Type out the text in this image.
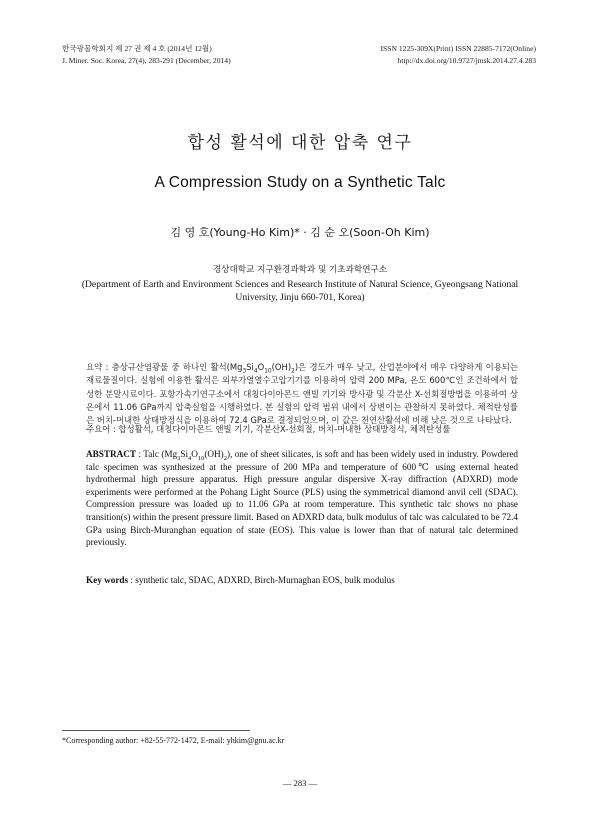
한국광물학회지 제 27 권 제 4 호 (2014년 12월)
J. Miner. Soc. Korea, 27(4), 283-291 (December, 2014)
ISSN 1225-309X(Print) ISSN 22885-7172(Online)
http://dx.doi.org/10.9727/jmsk.2014.27.4.283
합성 활석에 대한 압축 연구
A Compression Study on a Synthetic Talc
김 영 호(Young-Ho Kim)* · 김 순 오(Soon-Oh Kim)
경상대학교 지구환경과학과 및 기초과학연구소
(Department of Earth and Environment Sciences and Research Institute of Natural Science, Gyeongsang National University, Jinju 660-701, Korea)
요약 : 층상규산염광물 중 하나인 활석$(Mg_3Si_4O_{10}(OH)_2)$은 경도가 매우 낮고, 산업분야에서 매우 다양하게 이용되는 재료물질이다. 실험에 이용한 활석은 외부가열열수고압기기를 이용하여 압력 200 MPa, 온도 600℃인 조건하에서 합성한 분말시료이다. 포항가속기연구소에서 대칭다이아몬드 앤빌 기기와 방사광 및 각분산 X-선회절방법을 이용하여 상온에서 11.06 GPa까지 압축실험을 시행하였다. 본 실험의 압력 범위 내에서 상변이는 관찰하지 못하였다. 체적탄성률은 버치-머내한 상태방정식을 이용하여 72.4 GPa로 결정되었으며, 이 값은 천연산활석에 비해 낮은 것으로 나타났다.
주요어 : 합성활석, 대칭다이아몬드 앤빌 기기, 각분산X-선회절, 버치-머내한 상태방정식, 체적탄성률
ABSTRACT : Talc $(Mg_3Si_4O_{10}(OH)_2)$, one of sheet silicates, is soft and has been widely used in industry. Powdered talc specimen was synthesized at the pressure of 200 MPa and temperature of 600℃ using external heated hydrothermal high pressure apparatus. High pressure angular dispersive X-ray diffraction (ADXRD) mode experiments were performed at the Pohang Light Source (PLS) using the symmetrical diamond anvil cell (SDAC). Compression pressure was loaded up to 11.06 GPa at room temperature. This synthetic talc shows no phase transition(s) within the present pressure limit. Based on ADXRD data, bulk modulus of talc was calculated to be 72.4 GPa using Birch-Muranghan equation of state (EOS). This value is lower than that of natural talc determined previously.
Key words : synthetic talc, SDAC, ADXRD, Birch-Murnaghan EOS, bulk modulus
*Corresponding author: +82-55-772-1472, E-mail: yhkim@gnu.ac.kr
— 283 —
